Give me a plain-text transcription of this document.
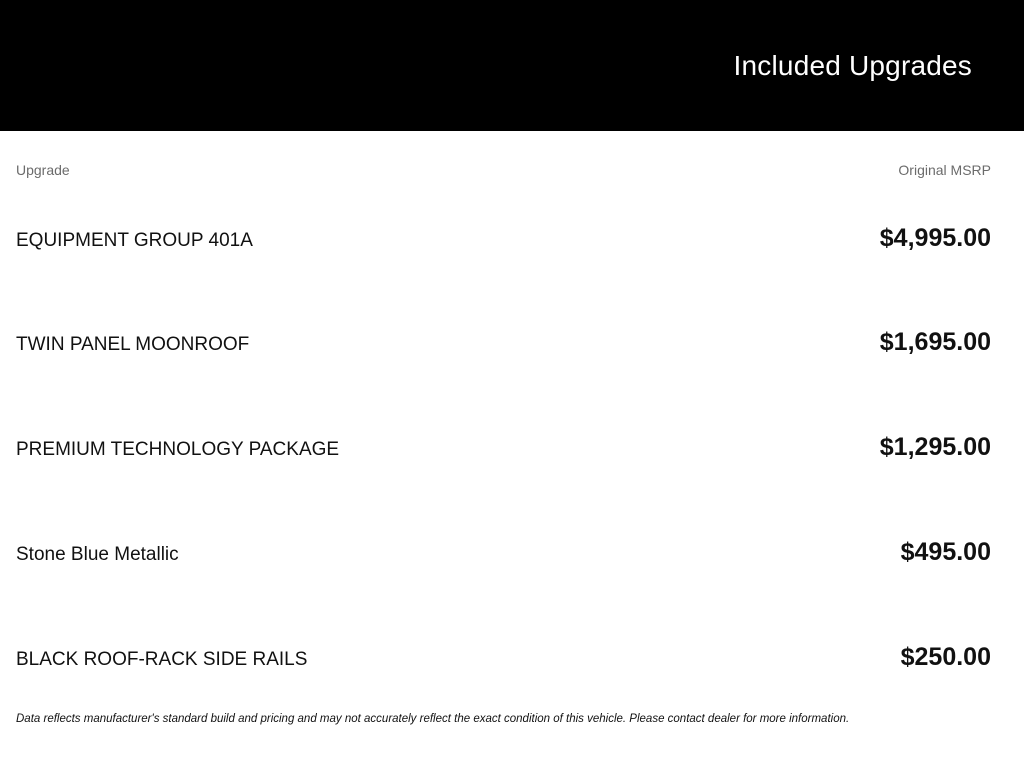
Included Upgrades
Upgrade	Original MSRP
EQUIPMENT GROUP 401A	$4,995.00
TWIN PANEL MOONROOF	$1,695.00
PREMIUM TECHNOLOGY PACKAGE	$1,295.00
Stone Blue Metallic	$495.00
BLACK ROOF-RACK SIDE RAILS	$250.00
Data reflects manufacturer's standard build and pricing and may not accurately reflect the exact condition of this vehicle. Please contact dealer for more information.
